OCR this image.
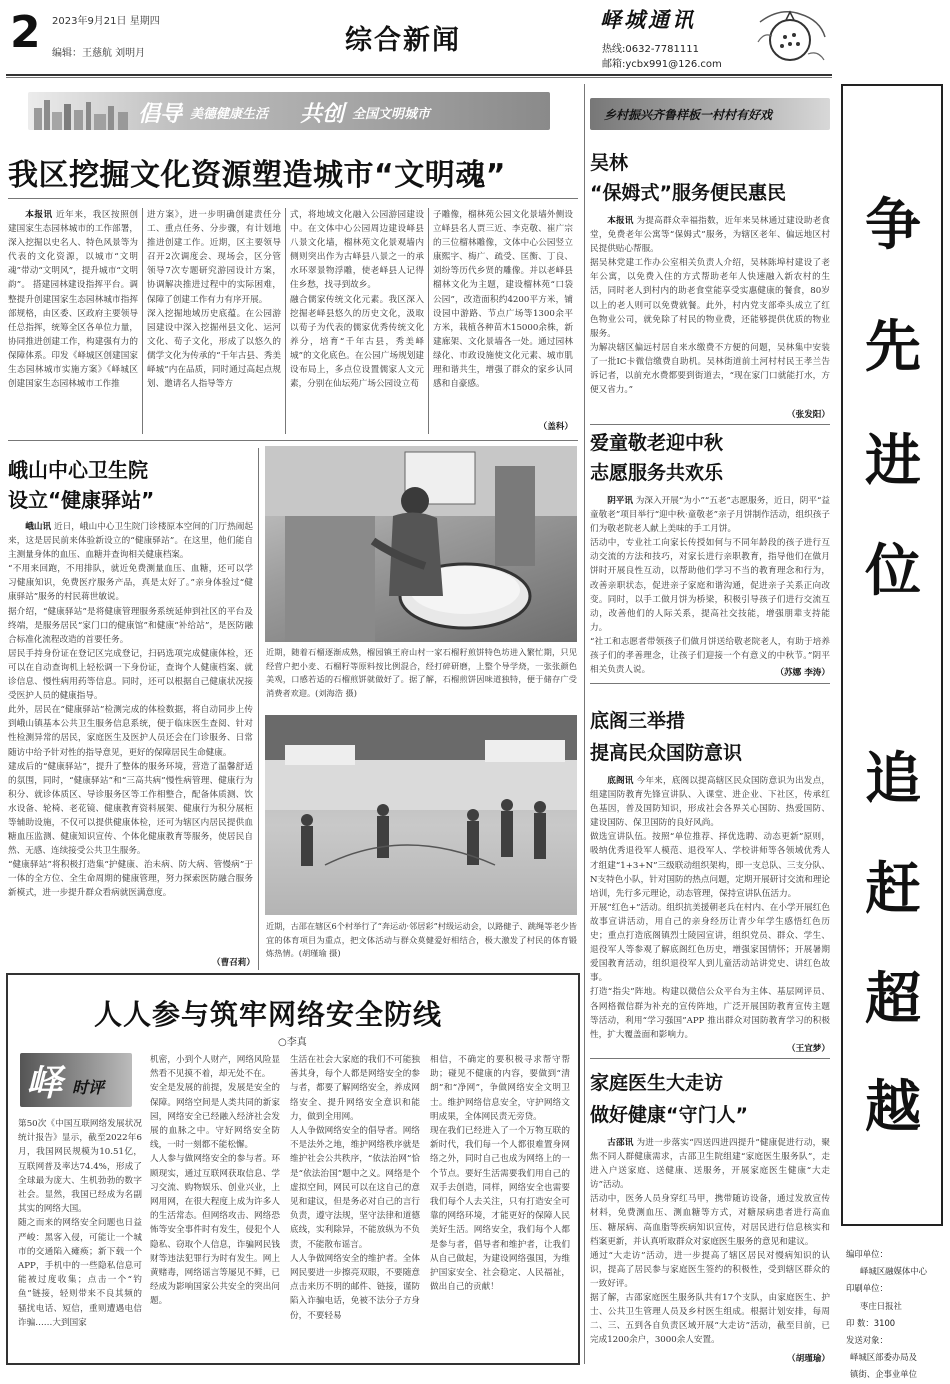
2 2023年9月21日 星期四
编辑：王慈航 刘明月	综合新闻
峄城通讯
热线:0632-7781111
邮箱:ycbx991@126.com
倡导 美德健康生活 共创 全国文明城市	乡村振兴齐鲁样板一村村有好戏
我区挖掘文化资源塑造城市“文明魂”

本报讯 近年来，我区按照创建国家生态园林城市的工作部署，深入挖掘以史名人、特色风景等为代表的文化资源，以城市“文明魂”带动“文明风”，提升城市“文明韵”。 搭建园林建设指挥平台。调整提升创建国家生态园林城市指挥部规格，由区委、区政府主要领导任总指挥，统筹全区各单位力量，协同推进创建工作，构建强有力的保障体系。印发《峄城区创建国家生态园林城市实施方案》《峄城区创建国家生态园林城市工作推

进方案》，进一步明确创建责任分工、重点任务、分步骤，有计划地推进创建工作。近期，区主要领导召开2次调度会、现场会，区分管领导7次专题研究游园设计方案，协调解决推进过程中的实际困难，保障了创建工作有力有序开展。
深入挖掘地域历史底蕴。在公园游园建设中深入挖掘州县文化、运河文化、荀子文化，形成了以悠久的儒学文化为传承的“千年古县、秀美峄城”内在品质，同时通过高起点规划、邀请名人指导等方
式，将地域文化融入公园游园建设中。在文体中心公园周边建设峄县八景文化墙，榴林苑文化景观墙内侧则突出作为古峄县八景之一的承水环翠景物浮雕，使老峄县人记得住乡愁，找寻到故乡。
融合儒家传统文化元素。我区深入挖掘老峄县悠久的历史文化，汲取以荀子为代表的儒家优秀传统文化养分，培育“千年古县，秀美峄城”的文化底色。在公园广场规划建设布局上，多点位设置儒家人文元素，分别在仙坛苑广场公园设立荀
子雕像，榴林苑公园文化景墙外侧设立峄县名人贾三近、李克敬、崔广宗的三位榴林雕像，文体中心公园竖立康熙字、梅广、疏受、匡衡、丁良、刘纷等历代乡贤的雕像。并以老峄县榴林文化为主题，建设榴林苑“口袋公园”，改造面积约4200平方米，铺设园中游路、节点广场等1300余平方米，栽植各种苗木15000余株，新建廊架、文化景墙各一处。通过园林绿化、市政设施使文化元素、城市肌理和谐共生，增强了群众的家乡认同感和自豪感。
（盖科）
峨山中心卫生院
设立“健康驿站”

峨山讯 近日，峨山中心卫生院门诊楼原本空间的门厅热闹起来，这是居民前来体验新设立的“健康驿站”。在这里，他们能自主测量身体的血压、血糖并查询相关健康档案。
“不用来回跑，不用排队，就近免费测量血压、血糖，还可以学习健康知识，免费医疗服务产品，真是太好了。”亲身体验过“健康驿站”服务的村民蒋世敏说。
据介绍，“健康驿站”是将健康管理服务系统延伸到社区的平台及终端，是服务居民“家门口的健康馆”和健康“补给站”，是医防融合标准化流程改造的首要任务。
居民手持身份证在登记区完成登记，扫码选项完成健康体检，还可以在自动查询机上轻松调一下身份证，查询个人健康档案、就诊信息、慢性病用药等信息。同时，还可以根据自己健康状况接受医护人员的健康指导。
此外，居民在“健康驿站”检测完成的体检数据，将自动同步上传到峨山镇基本公共卫生服务信息系统，便于临床医生查阅、针对性检测异常的居民，家庭医生及医护人员还会在门诊服务、日常随访中给予针对性的指导意见，更好的保障居民生命健康。
建成后的“健康驿站”，提升了整体的服务环境，营造了温馨舒适的氛围，同时，“健康驿站”和“三高共病”慢性病管理、健康行为积分、就诊体质区、导诊服务区等工作相整合，配备体质测、饮水设备、轮椅、老花镜、健康教育资料展架、健康行为积分展柜等辅助设施，不仅可以提供健康体检，还可为辖区内居民提供血糖血压监测、健康知识宣传、个体化健康教育等服务，使居民自然、无感、连续接受公共卫生服务。
“健康驿站”将积极打造集“护健康、治未病、防大病、管慢病”于一体的全方位、全生命周期的健康管理，努力探索医防融合服务新模式，进一步提升群众看病就医满意度。

（曹召莉）
近期，随着石榴逐渐成熟，榴园镇王府山村一家石榴籽煎饼特色坊进入繁忙期，只见经营户把小麦、石榴籽等原料按比例混合，经打碎研磨，上整个导学烧，一张张颜色美观，口感若适的石榴煎饼就做好了。据了解，石榴煎饼因味道独特，便于储存广受消费者欢迎。(刘海浩 摄)
近期，古邵在辖区6个村举行了“奔运动·邻居彩”村级运动会，以路健子、跳绳等老少皆宜的体育项目为重点，把文体活动与群众莫健爱好相结合，极大激发了村民的体育锻炼热情。(胡瑾瑜 摄)
人人参与筑牢网络安全防线
○李真
峄 时评
第50次《中国互联网络发展状况统计报告》显示，截至2022年6月，我国网民规模为10.51亿，互联网普及率达74.4%，形成了全球最为庞大、生机勃勃的数字社会。显然，我国已经成为名副其实的网络大国。
随之而来的网络安全问题也日益严峻：黑客入侵，可能让一个城市的交通陷入瘫痪；新下载一个APP，手机中的一些隐私信息可能被过度收集；点击一个“钓鱼”链接，轻则带来不良其频的骚扰电话、短信，重则遭遇电信诈骗……大到国家
机密，小到个人财产，网络风险显然看不见摸不着，却无处不在。
安全是发展的前提，发展是安全的保障。网络空间是人类共同的新家园，网络安全已经融入经济社会发展的血脉之中。守好网络安全防线，一时一刻都不能松懈。
人人参与做网络安全的参与者。环顾现实，通过互联网获取信息、学习交流、购物娱乐、创业兴业，上网用网，在很大程度上成为许多人的生活常态。但网络攻击、网络恐怖等安全事件时有发生，侵犯个人隐私、窃取个人信息，诈骗网民钱财等违法犯罪行为时有发生。网上黄赌毒，网络谣言等屡见不鲜，已经成为影响国家公共安全的突出问题。
生活在社会大家庭的我们不可能独善其身，每个人都是网络安全的参与者，都要了解网络安全，养成网络安全、提升网络安全意识和能力，做到全用网。
人人争做网络安全的倡导者。网络不是法外之地，维护网络秩序就是维护社会公共秩序，“依法治网”恰是“依法治国”题中之义。网络是个虚拟空间，网民可以在这自己的意见和建议，但是务必对自己的言行负责，遵守法规，坚守法律和道德底线，实利除异，不能放纵为不负责，不能散布谣言。
人人争做网络安全的维护者。全体网民要进一步擦亮双眼，不要随意点击来历不明的邮件、链接，谨防陷入诈骗电话，免被不法分子方身份，不要轻易
相信，不确定的要积极寻求帮守帮助；碰见不健康的内容，要做到“清朗”和“净网”，争做网络安全文明卫士。维护网络信息安全，守护网络文明成果，全体网民责无旁贷。
现在我们已经进入了一个万物互联的新时代，我们每一个人都很难置身网络之外，同时自己也成为网络上的一个节点。要好生活需要我们用自己的双手去创造，同样，网络安全也需要我们每个人去关注，只有打造安全可靠的网络环境，才能更好的保障人民美好生活。网络安全，我们每个人都是参与者，倡导者和维护者，让我们从自己做起，为建设网络强国，为维护国家安全、社会稳定、人民福祉，做出自己的贡献！
吴林
“保姆式”服务便民惠民

本报讯 为提高群众幸福指数，近年来吴林通过建设助老食堂，免费老年公寓等“保姆式”服务，为辖区老年、偏远地区村民提供贴心帮服。
据吴林党建工作办公室相关负责人介绍，吴林陈埠村建设了老年公寓，以免费入住的方式帮助老年人快速融入新农村的生活，同时老人到村内的助老食堂能享受实惠健康的餐食，80岁以上的老人则可以免费就餐。此外，村内党支部牵头成立了红色物业公司，就免除了村民的物业费，还能够提供优质的物业服务。
为解决辖区偏远村居自来水缴费不方便的问题，吴林集中安装了一批IC卡微信缴费自助机。吴林街道前土河村村民王孝兰告诉记者，以前充水费都要到街道去，“现在家门口就能打水，方便又省力。”

（张发阳）
爱童敬老迎中秋
志愿服务共欢乐

阴平讯 为深入开展“为小”“五老”志愿服务，近日，阴平“益童敬老”项目举行“迎中秋·童敬老”亲子月饼制作活动，组织孩子们为敬老院老人献上美味的手工月饼。
活动中，专业社工向家长传授如何与不同年龄段的孩子进行互动交流的方法和技巧，对家长进行亲职教育，指导他们在做月饼时开展良性互动，以帮助他们学习不当的教育理念和行为，改善亲职状态，促进亲子家庭和谐沟通，促进亲子关系正向改变。同时，以手工做月饼为桥梁，积极引导孩子们进行交流互动，改善他们的人际关系，提高社交技能，增强朋辈支持能力。
“社工和志愿者带领孩子们做月饼送给敬老院老人，有助于培养孩子们的孝善理念，让孩子们迎接一个有意义的中秋节。”阴平相关负责人说。	（苏娜 李涛）
底阁三举措
提高民众国防意识

底阁讯 今年来，底阁以提高辖区民众国防意识为出发点，组建国防教育先锋宣讲队、入课堂、进企业、下社区，传承红色基因，普及国防知识，形成社会各界关心国防、热爱国防、建设国防、保卫国防的良好风尚。
做选宣讲队伍。按照“单位推荐、择优选聘、动态更新”原则，吸纳优秀退役军人模范、退役军人、学校讲师等各领域优秀人才组建“1+3+N”三级联动组织架构，即一支总队、三支分队、N支特色小队，针对国防的热点问题，定期开展研讨交流和理论培训，先行多元理论，动态管理，保持宣讲队伍活力。
开展“红色+”活动。组织抗美援朝老兵在村内、在小学开展红色故事宣讲活动，用自己的亲身经历让青少年学生感悟红色历史；重点打造底阁镇烈士陵园宣讲，组织党员、群众、学生、退役军人等参观了解底阁红色历史，增强家国情怀；开展暑期爱国教育活动，组织退役军人到儿童活动站讲党史、讲红色故事。
打造“指尖”阵地。构建以微信公众平台为主体、基层网评员、各网格微信群为补充的宣传阵地，广泛开展国防教育宣传主题等活动，利用“学习强国”APP 推出群众对国防教育学习的积极性，扩大覆盖面和影响力。

（王宜梦）
家庭医生大走访
做好健康“守门人”

古邵讯 为进一步落实“四送四进四提升”健康促进行动，聚焦不同人群健康需求，古邵卫生院组建“家庭医生服务队”，走进入户送家庭、送健康、送服务，开展家庭医生健康“大走访”活动。
活动中，医务人员身穿红马甲，携带随访设备，通过发放宣传材料，免费测血压、测血糖等方式，对糖尿病患者进行高血压、糖尿病、高血脂等疾病知识宣传，对居民进行信息核实和档案更新，并认真听取群众对家庭医生服务的意见和建议。
通过“大走访”活动，进一步提高了辖区居民对慢病知识的认识，提高了居民参与家庭医生签约的积极性，受到辖区群众的一致好评。
据了解，古邵家庭医生服务队共有17个支队，由家庭医生、护士、公共卫生管理人员及乡村医生组成。根据计划安排，每周二、三、五到各自负责区域开展“大走访”活动，截至目前，已完成1200余户，3000余人安置。

（胡瑾瑜）
争
先
进
位
追
赶
超
越
编印单位：
峄城区融媒体中心
印刷单位：
枣庄日报社
印 数：3100
发送对象：
峄城区部委办局及
镇街、企事业单位
